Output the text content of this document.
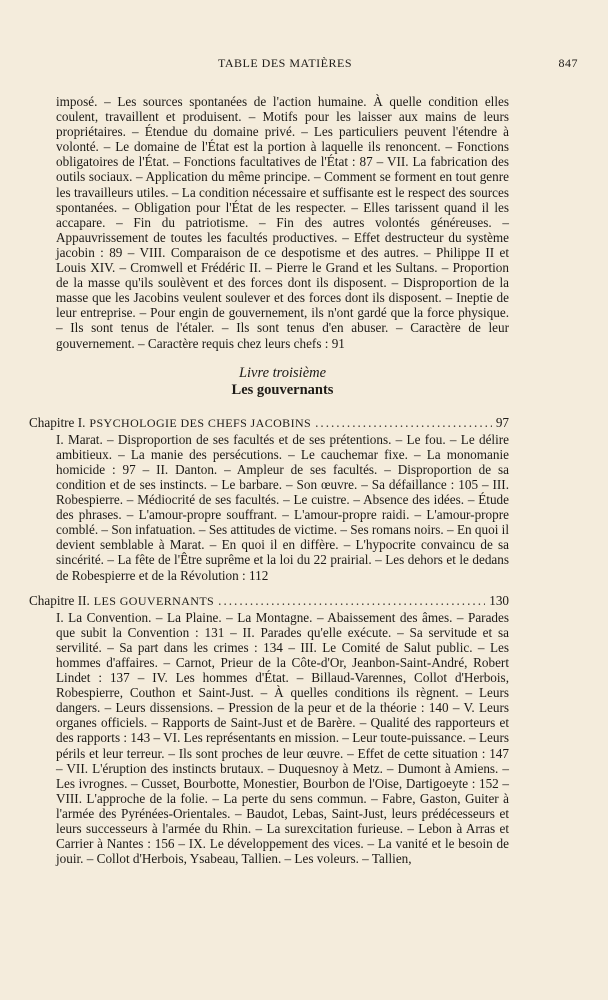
TABLE DES MATIÈRES	847

imposé. – Les sources spontanées de l'action humaine. À quelle condition elles coulent, travaillent et produisent. – Motifs pour les laisser aux mains de leurs propriétaires. – Étendue du domaine privé. – Les particuliers peuvent l'étendre à volonté. – Le domaine de l'État est la portion à laquelle ils renoncent. – Fonctions obligatoires de l'État. – Fonctions facultatives de l'État : 87 – VII. La fabrication des outils sociaux. – Application du même principe. – Comment se forment en tout genre les travailleurs utiles. – La condition nécessaire et suffisante est le respect des sources spontanées. – Obligation pour l'État de les respecter. – Elles tarissent quand il les accapare. – Fin du patriotisme. – Fin des autres volontés généreuses. – Appauvrissement de toutes les facultés productives. – Effet destructeur du système jacobin : 89 – VIII. Comparaison de ce despotisme et des autres. – Philippe II et Louis XIV. – Cromwell et Frédéric II. – Pierre le Grand et les Sultans. – Proportion de la masse qu'ils soulèvent et des forces dont ils disposent. – Disproportion de la masse que les Jacobins veulent soulever et des forces dont ils disposent. – Ineptie de leur entreprise. – Pour engin de gouvernement, ils n'ont gardé que la force physique. – Ils sont tenus de l'étaler. – Ils sont tenus d'en abuser. – Caractère de leur gouvernement. – Caractère requis chez leurs chefs : 91

Livre troisième
Les gouvernants
Chapitre I. PSYCHOLOGIE DES CHEFS JACOBINS .....	97

I. Marat. – Disproportion de ses facultés et de ses prétentions. – Le fou. – Le délire ambitieux. – La manie des persécutions. – Le cauchemar fixe. – La monomanie homicide : 97 – II. Danton. – Ampleur de ses facultés. – Disproportion de sa condition et de ses instincts. – Le barbare. – Son œuvre. – Sa défaillance : 105 – III. Robespierre. – Médiocrité de ses facultés. – Le cuistre. – Absence des idées. – Étude des phrases. – L'amour-propre souffrant. – L'amour-propre raidi. – L'amour-propre comblé. – Son infatuation. – Ses attitudes de victime. – Ses romans noirs. – En quoi il devient semblable à Marat. – En quoi il en diffère. – L'hypocrite convaincu de sa sincérité. – La fête de l'Être suprême et la loi du 22 prairial. – Les dehors et le dedans de Robespierre et de la Révolution : 112

Chapitre II. LES GOUVERNANTS .....	130

I. La Convention. – La Plaine. – La Montagne. – Abaissement des âmes. – Parades que subit la Convention : 131 – II. Parades qu'elle exécute. – Sa servitude et sa servilité. – Sa part dans les crimes : 134 – III. Le Comité de Salut public. – Les hommes d'affaires. – Carnot, Prieur de la Côte-d'Or, Jeanbon-Saint-André, Robert Lindet : 137 – IV. Les hommes d'État. – Billaud-Varennes, Collot d'Herbois, Robespierre, Couthon et Saint-Just. – À quelles conditions ils règnent. – Leurs dangers. – Leurs dissensions. – Pression de la peur et de la théorie : 140 – V. Leurs organes officiels. – Rapports de Saint-Just et de Barère. – Qualité des rapporteurs et des rapports : 143 – VI. Les représentants en mission. – Leur toute-puissance. – Leurs périls et leur terreur. – Ils sont proches de leur œuvre. – Effet de cette situation : 147 – VII. L'éruption des instincts brutaux. – Duquesnoy à Metz. – Dumont à Amiens. – Les ivrognes. – Cusset, Bourbotte, Monestier, Bourbon de l'Oise, Dartigoeyte : 152 – VIII. L'approche de la folie. – La perte du sens commun. – Fabre, Gaston, Guiter à l'armée des Pyrénées-Orientales. – Baudot, Lebas, Saint-Just, leurs prédécesseurs et leurs successeurs à l'armée du Rhin. – La surexcitation furieuse. – Lebon à Arras et Carrier à Nantes : 156 – IX. Le développement des vices. – La vanité et le besoin de jouir. – Collot d'Herbois, Ysabeau, Tallien. – Les voleurs. – Tallien,
